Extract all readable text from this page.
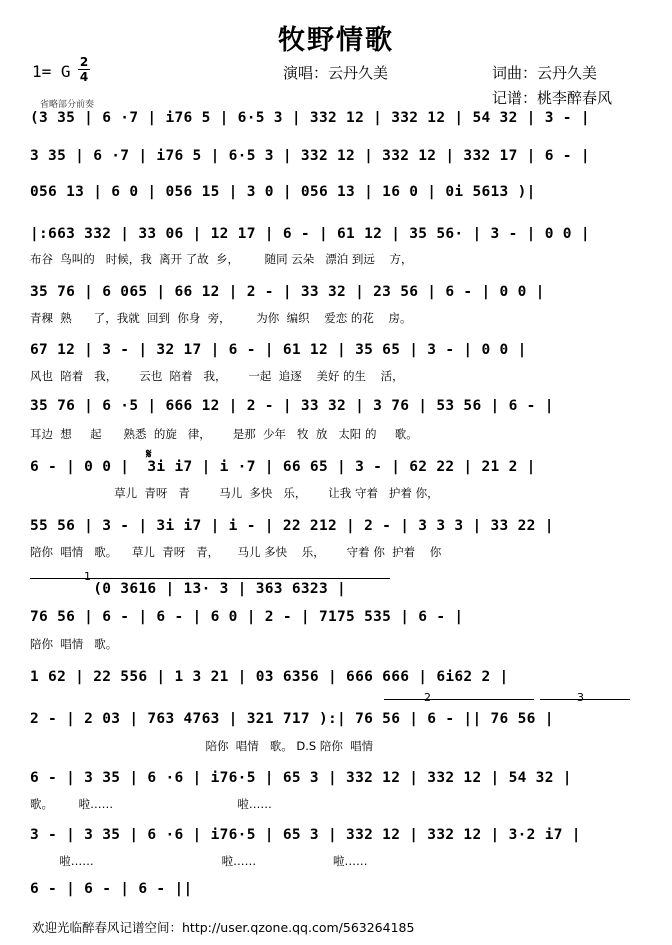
牧野情歌
1= G 2
4	演唱：云丹久美	词曲：云丹久美
记谱：桃李醉春风
省略部分前奏
(3 35 | 6 ·7 | i76 5 | 6·5 3 | 332 12 | 332 12 | 54 32 | 3 - |
3 35 | 6 ·7 | i76 5 | 6·5 3 | 332 12 | 332 12 | 332 17 | 6 - |
056 13 | 6 0 | 056 15 | 3 0 | 056 13 | 16 0 | 0i 5613 )|
|:663 332 | 33 06 | 12 17 | 6 - | 61 12 | 35 56· | 3 - | 0 0 |
布谷  鸟叫的   时候，我  离开 了故  乡，       随同 云朵   漂泊 到远    方，
35 76 | 6 065 | 66 12 | 2 - | 33 32 | 23 56 | 6 - | 0 0 |
青稞  熟      了，我就  回到  你身  旁，       为你  编织    爱恋 的花    房。
67 12 | 3 - | 32 17 | 6 - | 61 12 | 35 65 | 3 - | 0 0 |
风也  陪着   我，      云也  陪着   我，      一起  追逐    美好 的生    活，
35 76 | 6 ·5 | 666 12 | 2 - | 33 32 | 3 76 | 53 56 | 6 - |
耳边  想     起      熟悉  的旋   律，      是那  少年   牧  放   太阳 的     歌。
𝄋
6 - | 0 0 |  3i i7 | i ·7 | 66 65 | 3 - | 62 22 | 21 2 |
草儿  青呀   青        马儿  多快   乐，      让我 守着   护着 你，
55 56 | 3 - | 3i i7 | i - | 22 212 | 2 - | 3 3 3 | 33 22 |
陪你  唱情   歌。    草儿  青呀   青，     马儿 多快    乐，      守着 你  护着    你
1
(0 3616 | 13· 3 | 363 6323 |
76 56 | 6 - | 6 - | 6 0 | 2 - | 7175 535 | 6 - |
陪你  唱情   歌。
1 62 | 22 556 | 1 3 21 | 03 6356 | 666 666 | 6i62 2 |
2	3
2 - | 2 03 | 763 4763 | 321 717 ):| 76 56 | 6 - || 76 56 |
陪你  唱情   歌。 D.S 陪你  唱情
6 - | 3 35 | 6 ·6 | i76·5 | 65 3 | 332 12 | 332 12 | 54 32 |
歌。       啦……                                  啦……
3 - | 3 35 | 6 ·6 | i76·5 | 65 3 | 332 12 | 332 12 | 3·2 i7 |
啦……                                   啦……                     啦……
6 - | 6 - | 6 - ||
欢迎光临醉春风记谱空间：http://user.qzone.qq.com/563264185
